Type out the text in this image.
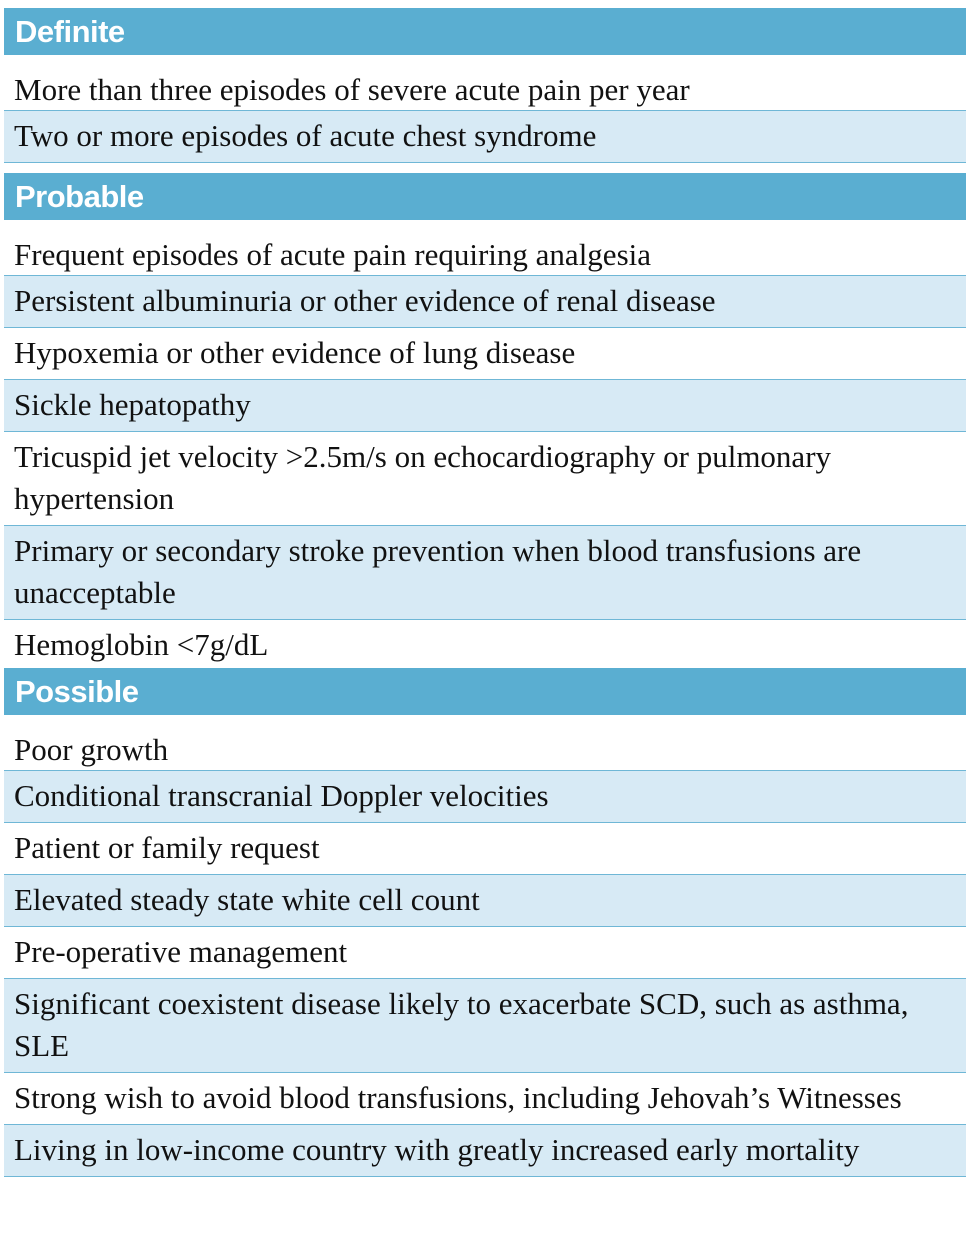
Definite
More than three episodes of severe acute pain per year
Two or more episodes of acute chest syndrome
Probable
Frequent episodes of acute pain requiring analgesia
Persistent albuminuria or other evidence of renal disease
Hypoxemia or other evidence of lung disease
Sickle hepatopathy
Tricuspid jet velocity >2.5m/s on echocardiography or pulmonary hypertension
Primary or secondary stroke prevention when blood transfusions are unacceptable
Hemoglobin <7g/dL
Possible
Poor growth
Conditional transcranial Doppler velocities
Patient or family request
Elevated steady state white cell count
Pre-operative management
Significant coexistent disease likely to exacerbate SCD, such as asthma, SLE
Strong wish to avoid blood transfusions, including Jehovah’s Witnesses
Living in low-income country with greatly increased early mortality
